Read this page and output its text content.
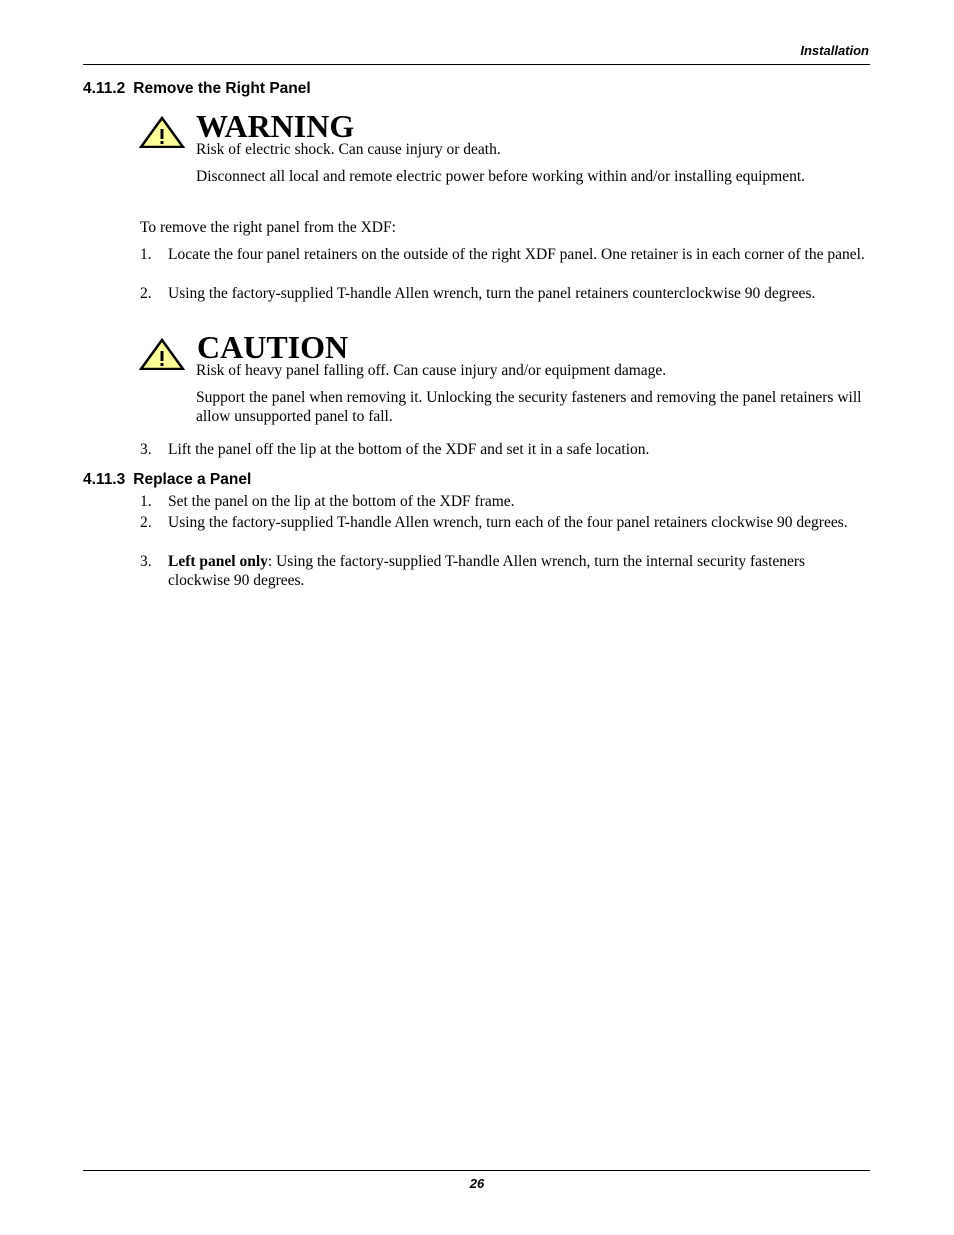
Installation
4.11.2 Remove the Right Panel
WARNING

Risk of electric shock. Can cause injury or death.

Disconnect all local and remote electric power before working within and/or installing equipment.

To remove the right panel from the XDF:
1. Locate the four panel retainers on the outside of the right XDF panel. One retainer is in each corner of the panel.
2. Using the factory-supplied T-handle Allen wrench, turn the panel retainers counterclockwise 90 degrees.
CAUTION

Risk of heavy panel falling off. Can cause injury and/or equipment damage.

Support the panel when removing it. Unlocking the security fasteners and removing the panel retainers will allow unsupported panel to fall.

3. Lift the panel off the lip at the bottom of the XDF and set it in a safe location.
4.11.3 Replace a Panel
1. Set the panel on the lip at the bottom of the XDF frame.
2. Using the factory-supplied T-handle Allen wrench, turn each of the four panel retainers clockwise 90 degrees.
3. Left panel only: Using the factory-supplied T-handle Allen wrench, turn the internal security fasteners clockwise 90 degrees.
26
